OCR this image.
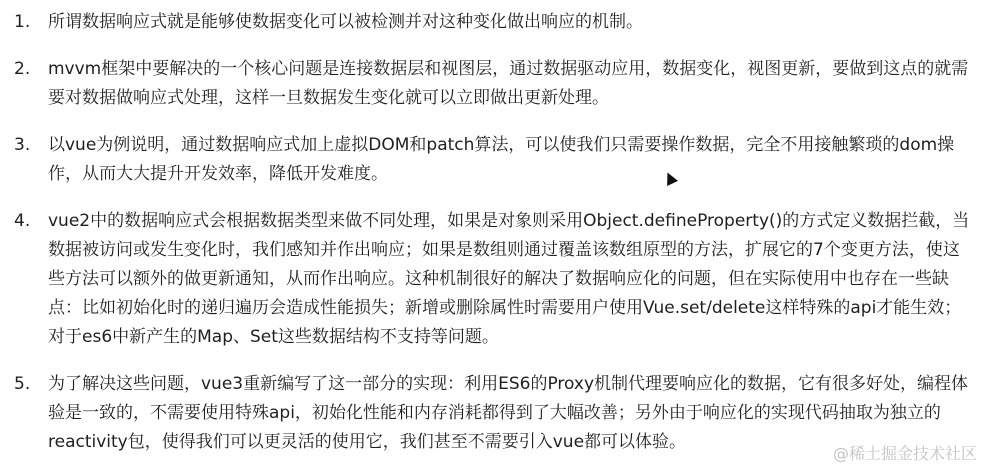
1.	所谓数据响应式就是能够使数据变化可以被检测并对这种变化做出响应的机制。
2.	mvvm框架中要解决的一个核心问题是连接数据层和视图层，通过数据驱动应用，数据变化，视图更新，要做到这点的就需要对数据做响应式处理，这样一旦数据发生变化就可以立即做出更新处理。
3.	以vue为例说明，通过数据响应式加上虚拟DOM和patch算法，可以使我们只需要操作数据，完全不用接触繁琐的dom操作，从而大大提升开发效率，降低开发难度。
4.	vue2中的数据响应式会根据数据类型来做不同处理，如果是对象则采用Object.defineProperty()的方式定义数据拦截，当数据被访问或发生变化时，我们感知并作出响应；如果是数组则通过覆盖该数组原型的方法，扩展它的7个变更方法，使这些方法可以额外的做更新通知，从而作出响应。这种机制很好的解决了数据响应化的问题，但在实际使用中也存在一些缺点：比如初始化时的递归遍历会造成性能损失；新增或删除属性时需要用户使用Vue.set/delete这样特殊的api才能生效；对于es6中新产生的Map、Set这些数据结构不支持等问题。
5.	为了解决这些问题，vue3重新编写了这一部分的实现：利用ES6的Proxy机制代理要响应化的数据，它有很多好处，编程体验是一致的，不需要使用特殊api，初始化性能和内存消耗都得到了大幅改善；另外由于响应化的实现代码抽取为独立的reactivity包，使得我们可以更灵活的使用它，我们甚至不需要引入vue都可以体验。
@稀土掘金技术社区
